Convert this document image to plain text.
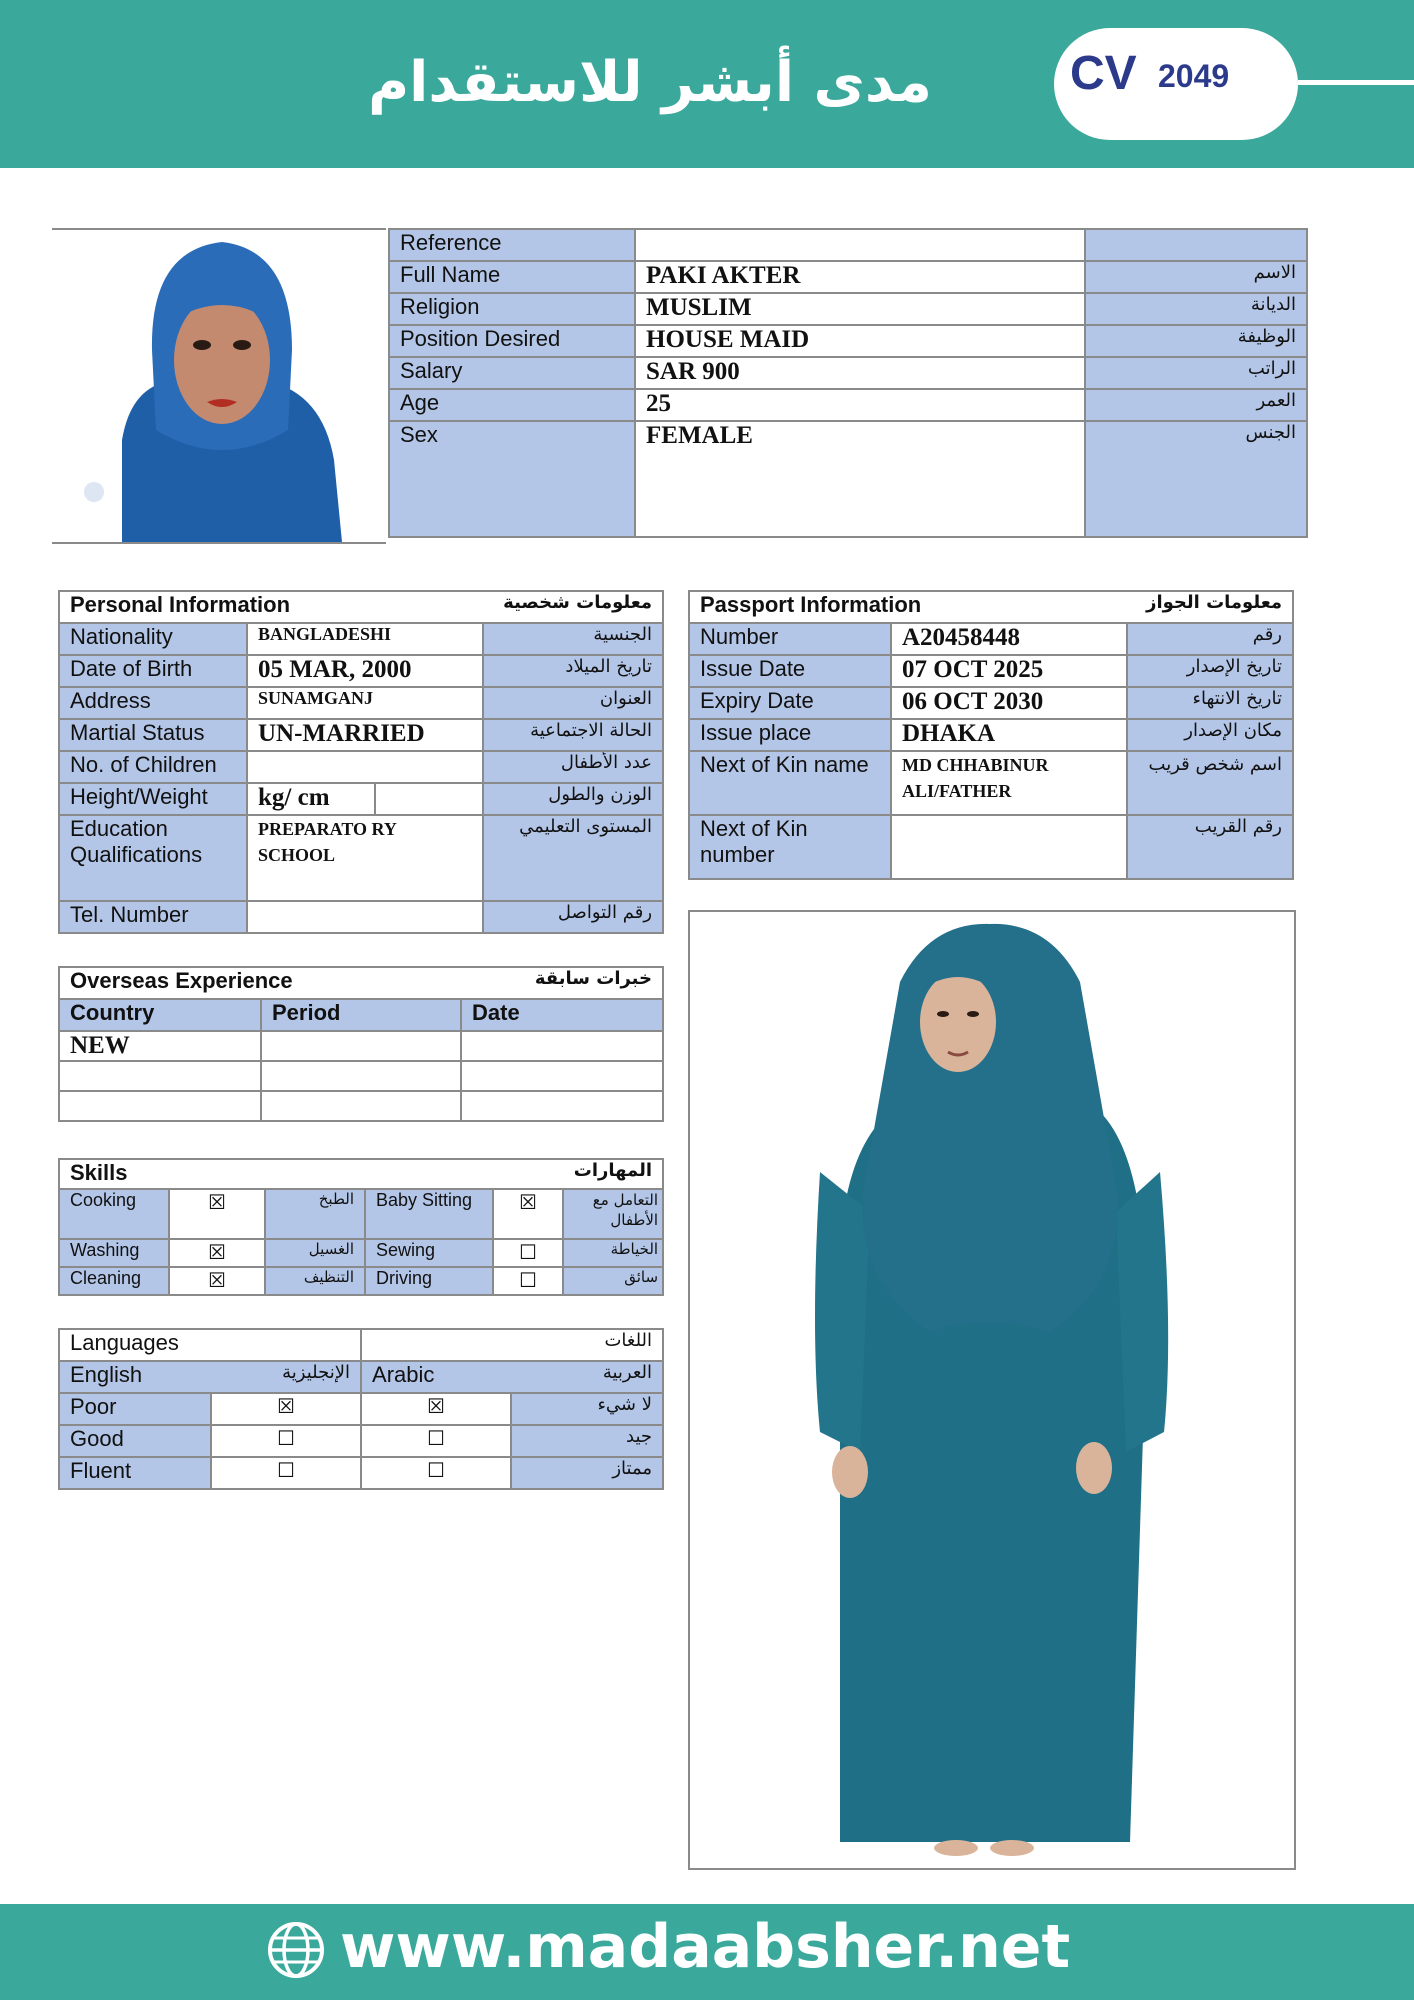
مدى أبشر للاستقدام	CV 2049
Reference		
Full Name	PAKI AKTER	الاسم
Religion	MUSLIM	الديانة
Position Desired	HOUSE MAID	الوظيفة
Salary	SAR 900	الراتب
Age	25	العمر
Sex	FEMALE	الجنس
Personal Information معلومات شخصية			

Nationality	BANGLADESHI		الجنسية
Date of Birth	05 MAR, 2000		تاريخ الميلاد
Address	SUNAMGANJ		العنوان
Martial Status	UN-MARRIED		الحالة الاجتماعية
No. of Children			عدد الأطفال
Height/Weight	kg/ cm		الوزن والطول
Education Qualifications	PREPARATO RY SCHOOL		المستوى التعليمي
Tel. Number			رقم التواصل
Passport Information معلومات الجواز		

Number	A20458448	رقم
Issue Date	07 OCT 2025	تاريخ الإصدار
Expiry Date	06 OCT 2030	تاريخ الانتهاء
Issue place	DHAKA	مكان الإصدار
Next of Kin name	MD CHHABINUR ALI/FATHER	اسم شخص قريب
Next of Kin number		رقم القريب
Overseas Experience خبرات سابقة		

Country	Period	Date
NEW		

Skills المهارات					

Cooking	☒	الطبخ	Baby Sitting	☒	التعامل مع الأطفال
Washing	☒	الغسيل	Sewing	☐	الخياطة
Cleaning	☒	التنظيف	Driving	☐	سائق
Languages		اللغات	
English الإنجليزية		Arabic العربية	

Poor	☒	☒	لا شيء
Good	☐	☐	جيد
Fluent	☐	☐	ممتاز
www.madaabsher.net
